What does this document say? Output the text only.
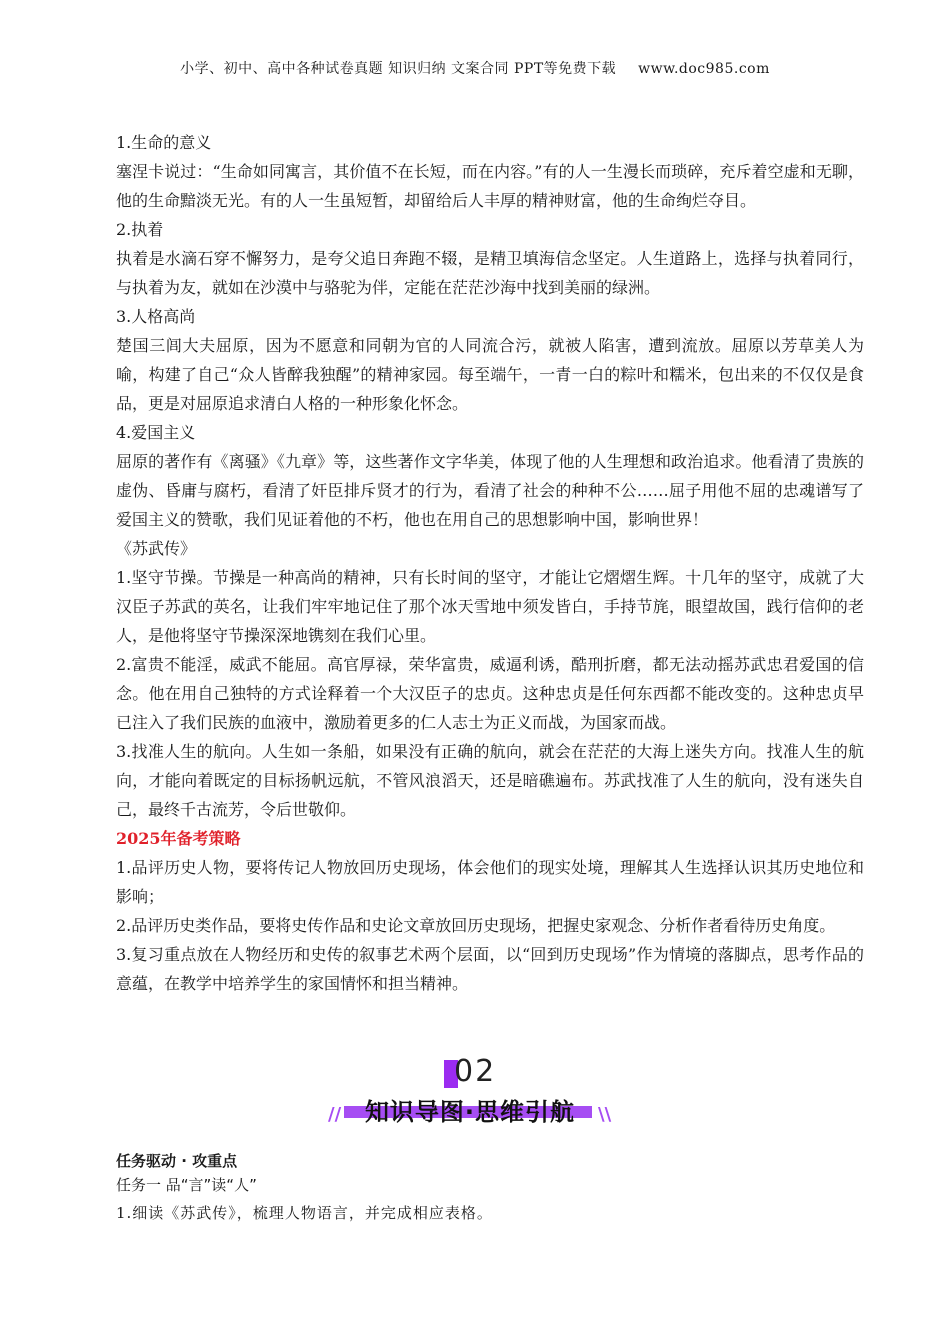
小学、初中、高中各种试卷真题 知识归纳 文案合同 PPT等免费下载 www.doc985.com

1.生命的意义

塞涅卡说过：“生命如同寓言，其价值不在长短，而在内容。”有的人一生漫长而琐碎，充斥着空虚和无聊，他的生命黯淡无光。有的人一生虽短暂，却留给后人丰厚的精神财富，他的生命绚烂夺目。

2.执着

执着是水滴石穿不懈努力，是夸父追日奔跑不辍，是精卫填海信念坚定。人生道路上，选择与执着同行，与执着为友，就如在沙漠中与骆驼为伴，定能在茫茫沙海中找到美丽的绿洲。

3.人格高尚

楚国三闾大夫屈原，因为不愿意和同朝为官的人同流合污，就被人陷害，遭到流放。屈原以芳草美人为喻，构建了自己“众人皆醉我独醒”的精神家园。每至端午，一青一白的粽叶和糯米，包出来的不仅仅是食品，更是对屈原追求清白人格的一种形象化怀念。

4.爱国主义

屈原的著作有《离骚》《九章》等，这些著作文字华美，体现了他的人生理想和政治追求。他看清了贵族的虚伪、昏庸与腐朽，看清了奸臣排斥贤才的行为，看清了社会的种种不公……屈子用他不屈的忠魂谱写了爱国主义的赞歌，我们见证着他的不朽，他也在用自己的思想影响中国，影响世界！

《苏武传》

1.坚守节操。节操是一种高尚的精神，只有长时间的坚守，才能让它熠熠生辉。十几年的坚守，成就了大汉臣子苏武的英名，让我们牢牢地记住了那个冰天雪地中须发皆白，手持节旄，眼望故国，践行信仰的老人，是他将坚守节操深深地镌刻在我们心里。

2.富贵不能淫，威武不能屈。高官厚禄，荣华富贵，威逼利诱，酷刑折磨，都无法动摇苏武忠君爱国的信念。他在用自己独特的方式诠释着一个大汉臣子的忠贞。这种忠贞是任何东西都不能改变的。这种忠贞早已注入了我们民族的血液中，激励着更多的仁人志士为正义而战，为国家而战。

3.找准人生的航向。人生如一条船，如果没有正确的航向，就会在茫茫的大海上迷失方向。找准人生的航向，才能向着既定的目标扬帆远航，不管风浪滔天，还是暗礁遍布。苏武找准了人生的航向，没有迷失自己，最终千古流芳，令后世敬仰。

2025年备考策略

1.品评历史人物，要将传记人物放回历史现场，体会他们的现实处境，理解其人生选择认识其历史地位和影响；

2.品评历史类作品，要将史传作品和史论文章放回历史现场，把握史家观念、分析作者看待历史角度。

3.复习重点放在人物经历和史传的叙事艺术两个层面，以“回到历史现场”作为情境的落脚点，思考作品的意蕴，在教学中培养学生的家国情怀和担当精神。

02
// 知识导图·思维引航	\\

任务驱动 · 攻重点

任务一 品“言”读“人”

1.细读《苏武传》，梳理人物语言，并完成相应表格。
